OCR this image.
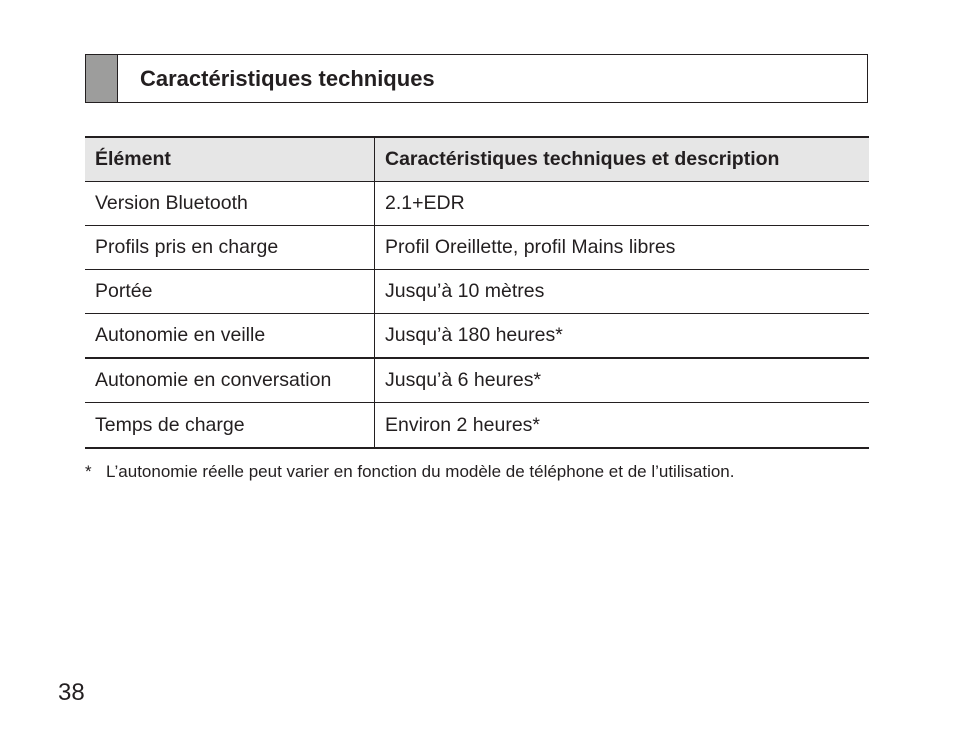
Caractéristiques techniques
Élément	Caractéristiques techniques et description
Version Bluetooth	2.1+EDR
Profils pris en charge	Profil Oreillette, profil Mains libres
Portée	Jusqu’à 10 mètres
Autonomie en veille	Jusqu’à 180 heures*
Autonomie en conversation	Jusqu’à 6 heures*
Temps de charge	Environ 2 heures*
* L’autonomie réelle peut varier en fonction du modèle de téléphone et de l’utilisation.
38
